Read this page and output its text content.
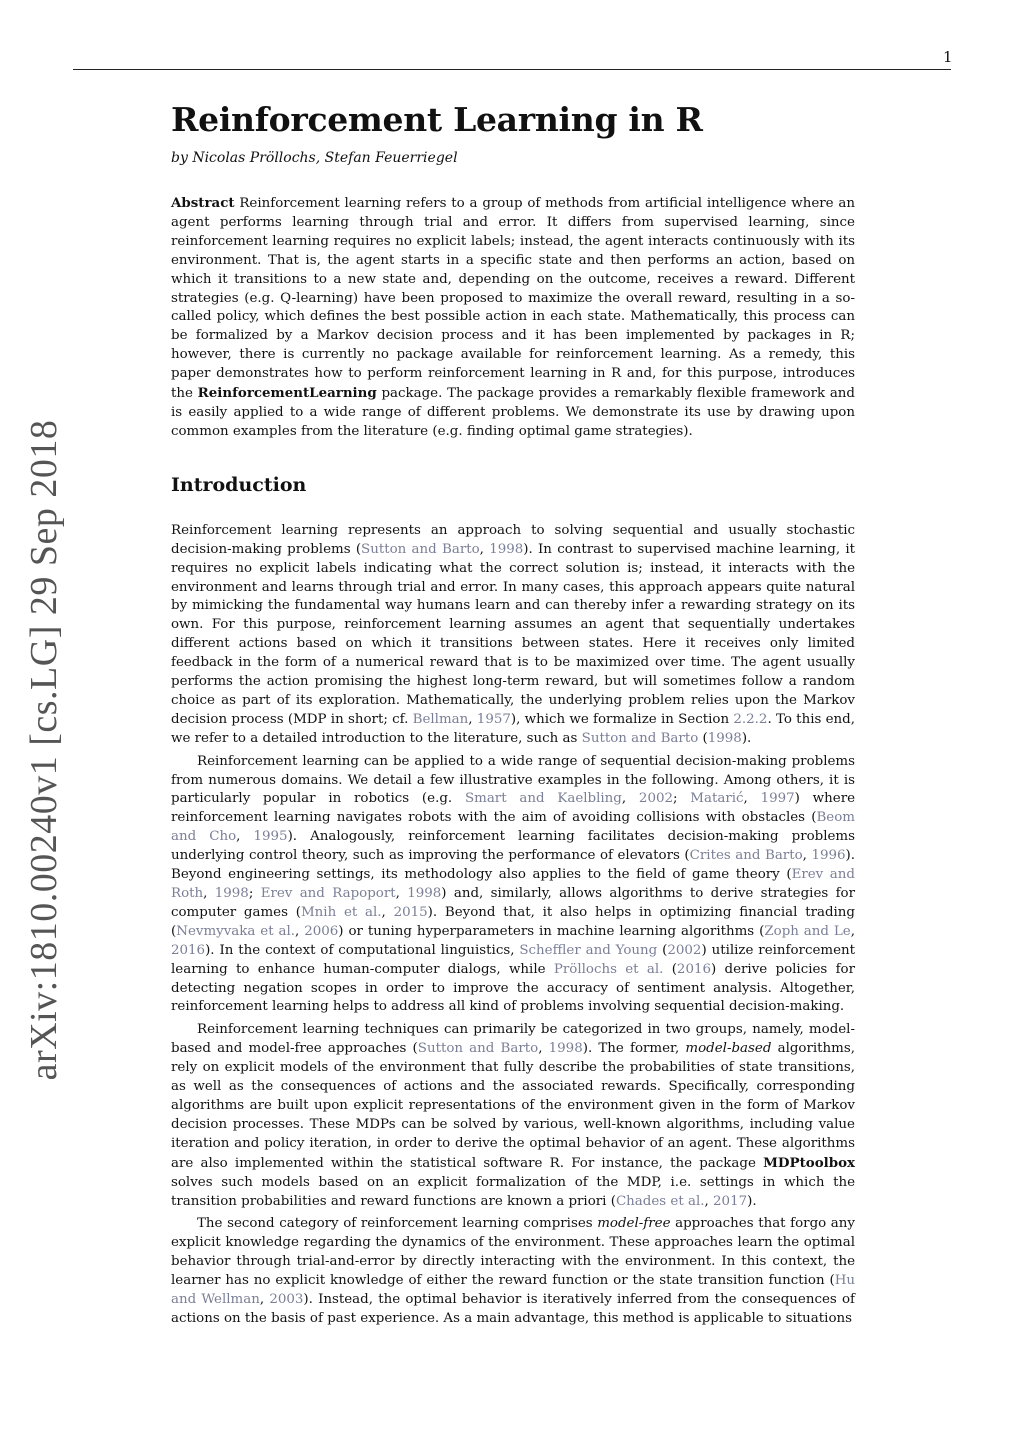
1
arXiv:1810.00240v1 [cs.LG] 29 Sep 2018
Reinforcement Learning in R
by Nicolas Pröllochs, Stefan Feuerriegel

Abstract Reinforcement learning refers to a group of methods from artificial intelligence where an agent performs learning through trial and error. It differs from supervised learning, since reinforcement learning requires no explicit labels; instead, the agent interacts continuously with its environment. That is, the agent starts in a specific state and then performs an action, based on which it transitions to a new state and, depending on the outcome, receives a reward. Different strategies (e.g. Q-learning) have been proposed to maximize the overall reward, resulting in a so-called policy, which defines the best possible action in each state. Mathematically, this process can be formalized by a Markov decision process and it has been implemented by packages in R; however, there is currently no package available for reinforcement learning. As a remedy, this paper demonstrates how to perform reinforcement learning in R and, for this purpose, introduces the ReinforcementLearning package. The package provides a remarkably flexible framework and is easily applied to a wide range of different problems. We demonstrate its use by drawing upon common examples from the literature (e.g. finding optimal game strategies).

Introduction

Reinforcement learning represents an approach to solving sequential and usually stochastic decision-making problems (Sutton and Barto, 1998). In contrast to supervised machine learning, it requires no explicit labels indicating what the correct solution is; instead, it interacts with the environment and learns through trial and error. In many cases, this approach appears quite natural by mimicking the fundamental way humans learn and can thereby infer a rewarding strategy on its own. For this purpose, reinforcement learning assumes an agent that sequentially undertakes different actions based on which it transitions between states. Here it receives only limited feedback in the form of a numerical reward that is to be maximized over time. The agent usually performs the action promising the highest long-term reward, but will sometimes follow a random choice as part of its exploration. Mathematically, the underlying problem relies upon the Markov decision process (MDP in short; cf. Bellman, 1957), which we formalize in Section 2.2.2. To this end, we refer to a detailed introduction to the literature, such as Sutton and Barto (1998).

Reinforcement learning can be applied to a wide range of sequential decision-making problems from numerous domains. We detail a few illustrative examples in the following. Among others, it is particularly popular in robotics (e.g. Smart and Kaelbling, 2002; Matarić, 1997) where reinforcement learning navigates robots with the aim of avoiding collisions with obstacles (Beom and Cho, 1995). Analogously, reinforcement learning facilitates decision-making problems underlying control theory, such as improving the performance of elevators (Crites and Barto, 1996). Beyond engineering settings, its methodology also applies to the field of game theory (Erev and Roth, 1998; Erev and Rapoport, 1998) and, similarly, allows algorithms to derive strategies for computer games (Mnih et al., 2015). Beyond that, it also helps in optimizing financial trading (Nevmyvaka et al., 2006) or tuning hyperparameters in machine learning algorithms (Zoph and Le, 2016). In the context of computational linguistics, Scheffler and Young (2002) utilize reinforcement learning to enhance human-computer dialogs, while Pröllochs et al. (2016) derive policies for detecting negation scopes in order to improve the accuracy of sentiment analysis. Altogether, reinforcement learning helps to address all kind of problems involving sequential decision-making.

Reinforcement learning techniques can primarily be categorized in two groups, namely, model-based and model-free approaches (Sutton and Barto, 1998). The former, model-based algorithms, rely on explicit models of the environment that fully describe the probabilities of state transitions, as well as the consequences of actions and the associated rewards. Specifically, corresponding algorithms are built upon explicit representations of the environment given in the form of Markov decision processes. These MDPs can be solved by various, well-known algorithms, including value iteration and policy iteration, in order to derive the optimal behavior of an agent. These algorithms are also implemented within the statistical software R. For instance, the package MDPtoolbox solves such models based on an explicit formalization of the MDP, i.e. settings in which the transition probabilities and reward functions are known a priori (Chades et al., 2017).

The second category of reinforcement learning comprises model-free approaches that forgo any explicit knowledge regarding the dynamics of the environment. These approaches learn the optimal behavior through trial-and-error by directly interacting with the environment. In this context, the learner has no explicit knowledge of either the reward function or the state transition function (Hu and Wellman, 2003). Instead, the optimal behavior is iteratively inferred from the consequences of actions on the basis of past experience. As a main advantage, this method is applicable to situations
